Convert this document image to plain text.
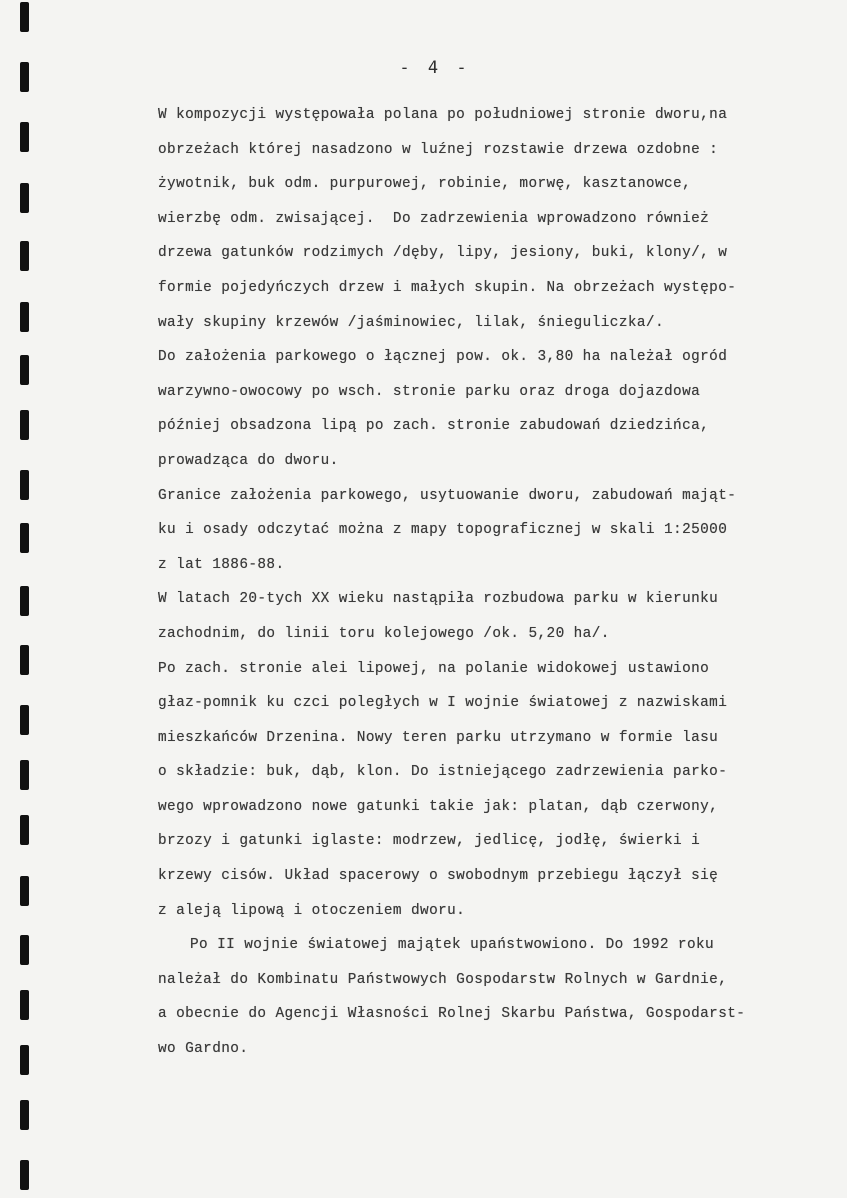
- 4 -
W kompozycji występowała polana po południowej stronie dworu,na
obrzeżach której nasadzono w luźnej rozstawie drzewa ozdobne :
żywotnik, buk odm. purpurowej, robinie, morwę, kasztanowce,
wierzbę odm. zwisającej.  Do zadrzewienia wprowadzono również
drzewa gatunków rodzimych /dęby, lipy, jesiony, buki, klony/, w
formie pojedyńczych drzew i małych skupin. Na obrzeżach występo-
wały skupiny krzewów /jaśminowiec, lilak, śnieguliczka/.
Do założenia parkowego o łącznej pow. ok. 3,80 ha należał ogród
warzywno-owocowy po wsch. stronie parku oraz droga dojazdowa
później obsadzona lipą po zach. stronie zabudowań dziedzińca,
prowadząca do dworu.
Granice założenia parkowego, usytuowanie dworu, zabudowań mająt-
ku i osady odczytać można z mapy topograficznej w skali 1:25000
z lat 1886-88.
W latach 20-tych XX wieku nastąpiła rozbudowa parku w kierunku
zachodnim, do linii toru kolejowego /ok. 5,20 ha/.
Po zach. stronie alei lipowej, na polanie widokowej ustawiono
głaz-pomnik ku czci poległych w I wojnie światowej z nazwiskami
mieszkańców Drzenina. Nowy teren parku utrzymano w formie lasu
o składzie: buk, dąb, klon. Do istniejącego zadrzewienia parko-
wego wprowadzono nowe gatunki takie jak: platan, dąb czerwony,
brzozy i gatunki iglaste: modrzew, jedlicę, jodłę, świerki i
krzewy cisów. Układ spacerowy o swobodnym przebiegu łączył się
z aleją lipową i otoczeniem dworu.
Po II wojnie światowej majątek upaństwowiono. Do 1992 roku
należał do Kombinatu Państwowych Gospodarstw Rolnych w Gardnie,
a obecnie do Agencji Własności Rolnej Skarbu Państwa, Gospodarst-
wo Gardno.
